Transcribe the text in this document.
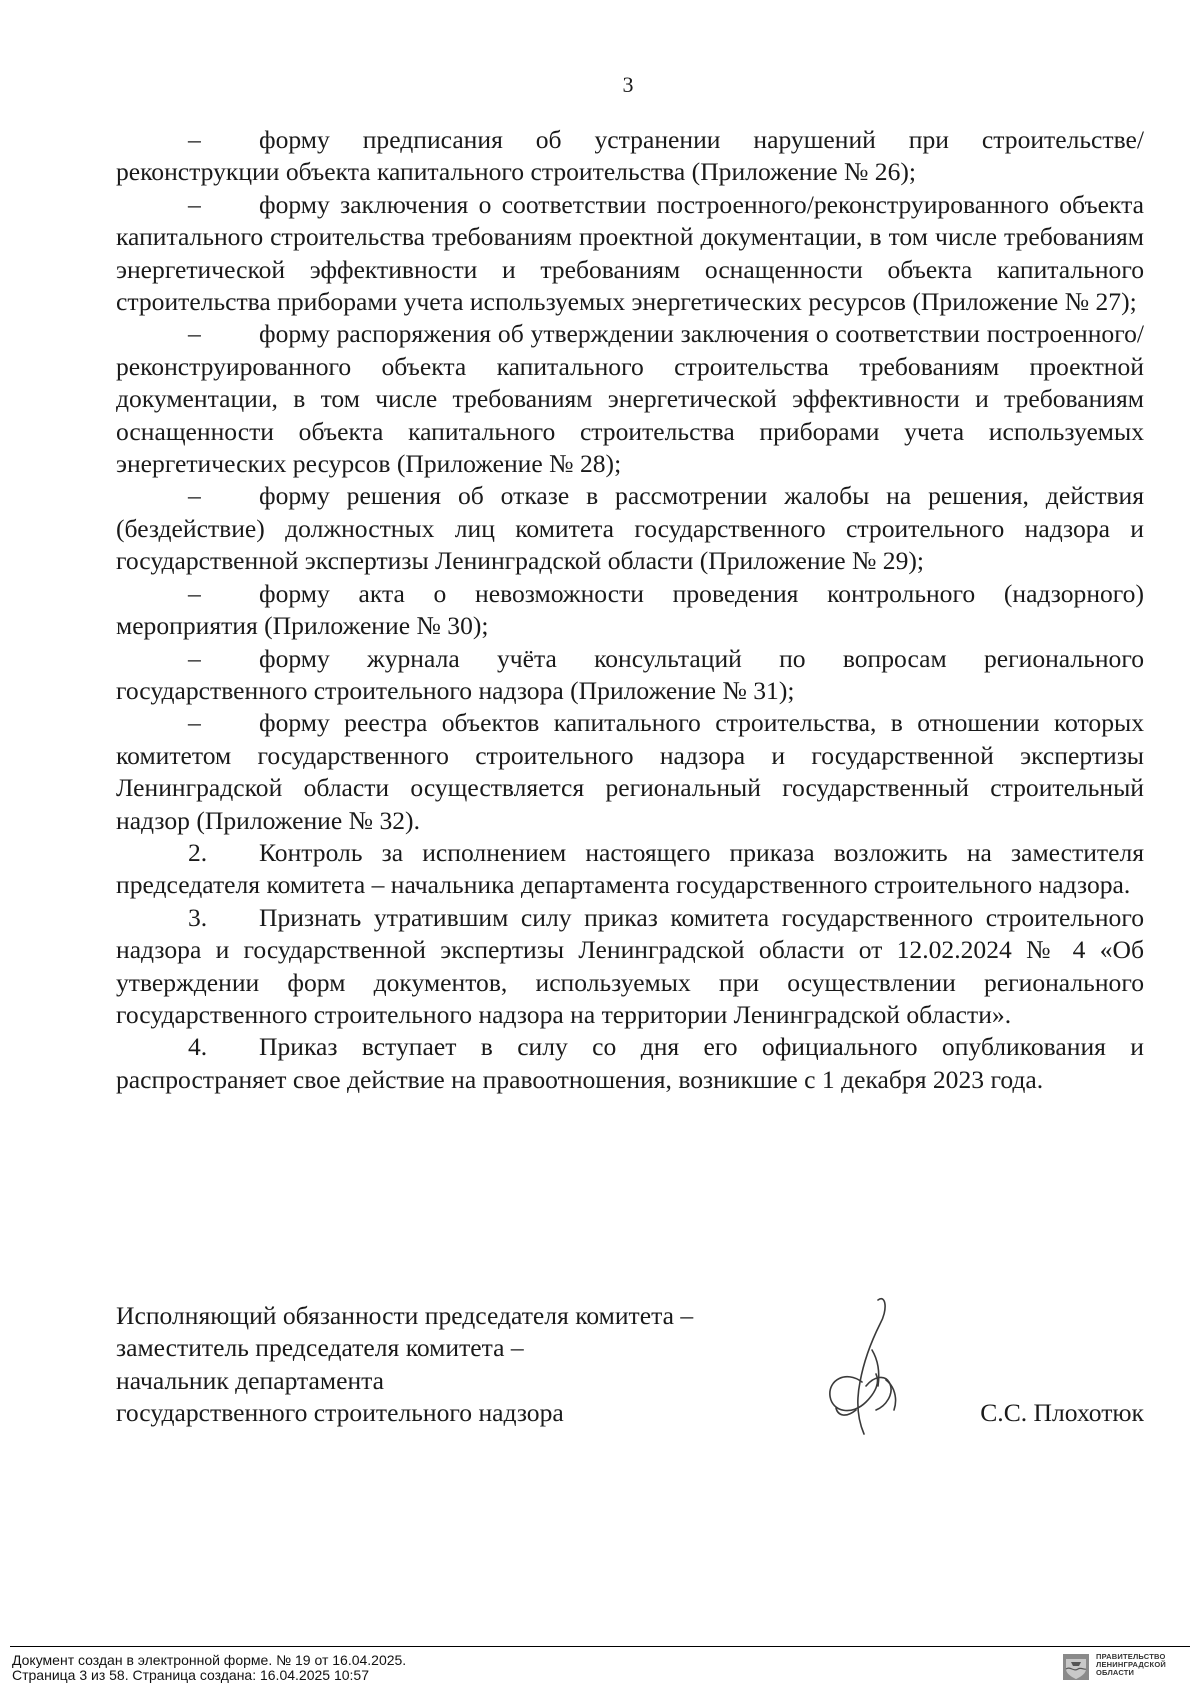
3

– форму предписания об устранении нарушений при строительстве/реконструкции объекта капитального строительства (Приложение № 26);

– форму заключения о соответствии построенного/реконструированного объекта капитального строительства требованиям проектной документации, в том числе требованиям энергетической эффективности и требованиям оснащенности объекта капитального строительства приборами учета используемых энергетических ресурсов (Приложение № 27);

– форму распоряжения об утверждении заключения о соответствии построенного/реконструированного объекта капитального строительства требованиям проектной документации, в том числе требованиям энергетической эффективности и требованиям оснащенности объекта капитального строительства приборами учета используемых энергетических ресурсов (Приложение № 28);

– форму решения об отказе в рассмотрении жалобы на решения, действия (бездействие) должностных лиц комитета государственного строительного надзора и государственной экспертизы Ленинградской области (Приложение № 29);

– форму акта о невозможности проведения контрольного (надзорного) мероприятия (Приложение № 30);

– форму журнала учёта консультаций по вопросам регионального государственного строительного надзора (Приложение № 31);

– форму реестра объектов капитального строительства, в отношении которых комитетом государственного строительного надзора и государственной экспертизы Ленинградской области осуществляется региональный государственный строительный надзор (Приложение № 32).

2. Контроль за исполнением настоящего приказа возложить на заместителя председателя комитета – начальника департамента государственного строительного надзора.

3. Признать утратившим силу приказ комитета государственного строительного надзора и государственной экспертизы Ленинградской области от 12.02.2024 № 4 «Об утверждении форм документов, используемых при осуществлении регионального государственного строительного надзора на территории Ленинградской области».

4. Приказ вступает в силу со дня его официального опубликования и распространяет свое действие на правоотношения, возникшие с 1 декабря 2023 года.

Исполняющий обязанности председателя комитета –
заместитель председателя комитета –
начальник департамента
государственного строительного надзора	С.С. Плохотюк
Документ создан в электронной форме. № 19 от 16.04.2025.
Страница 3 из 58. Страница создана: 16.04.2025 10:57
ПРАВИТЕЛЬСТВО
ЛЕНИНГРАДСКОЙ
ОБЛАСТИ
